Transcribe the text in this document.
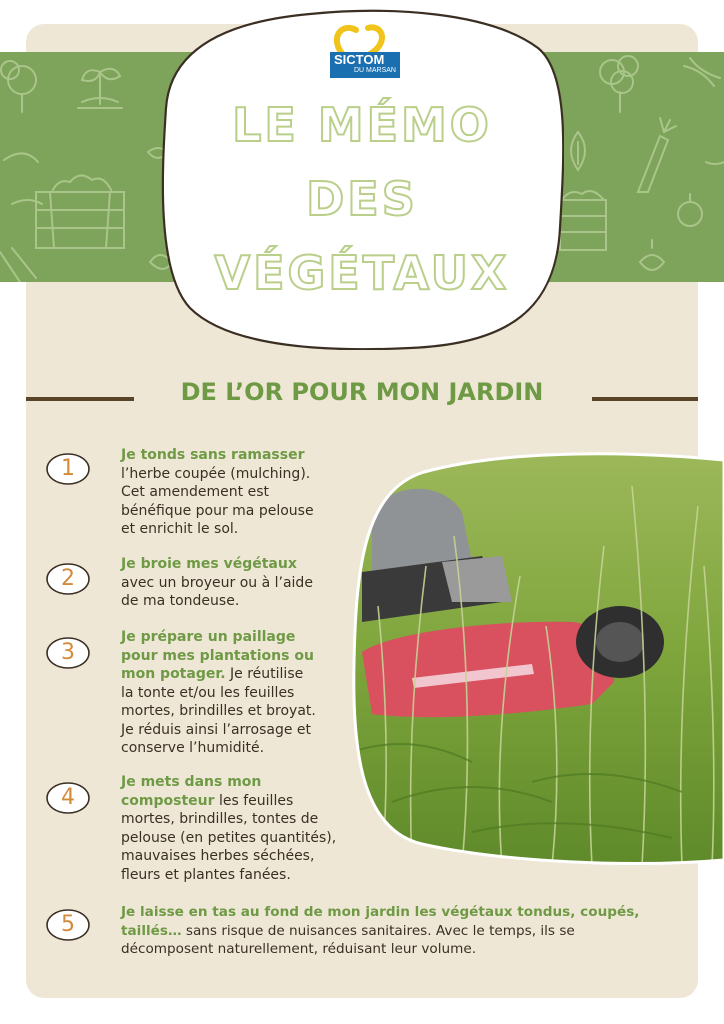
SICTOM
DU MARSAN
LE MÉMO
DES
VÉGÉTAUX
DE L’OR POUR MON JARDIN
1
2
3
4
5
Je tonds sans ramasser
l’herbe coupée (mulching).
Cet amendement est
bénéfique pour ma pelouse
et enrichit le sol.
Je broie mes végétaux
avec un broyeur ou à l’aide
de ma tondeuse.
Je prépare un paillage
pour mes plantations ou
mon potager. Je réutilise
la tonte et/ou les feuilles
mortes, brindilles et broyat.
Je réduis ainsi l’arrosage et
conserve l’humidité.
Je mets dans mon
composteur les feuilles
mortes, brindilles, tontes de
pelouse (en petites quantités),
mauvaises herbes séchées,
fleurs et plantes fanées.
Je laisse en tas au fond de mon jardin les végétaux tondus, coupés,
taillés… sans risque de nuisances sanitaires. Avec le temps, ils se
décomposent naturellement, réduisant leur volume.
